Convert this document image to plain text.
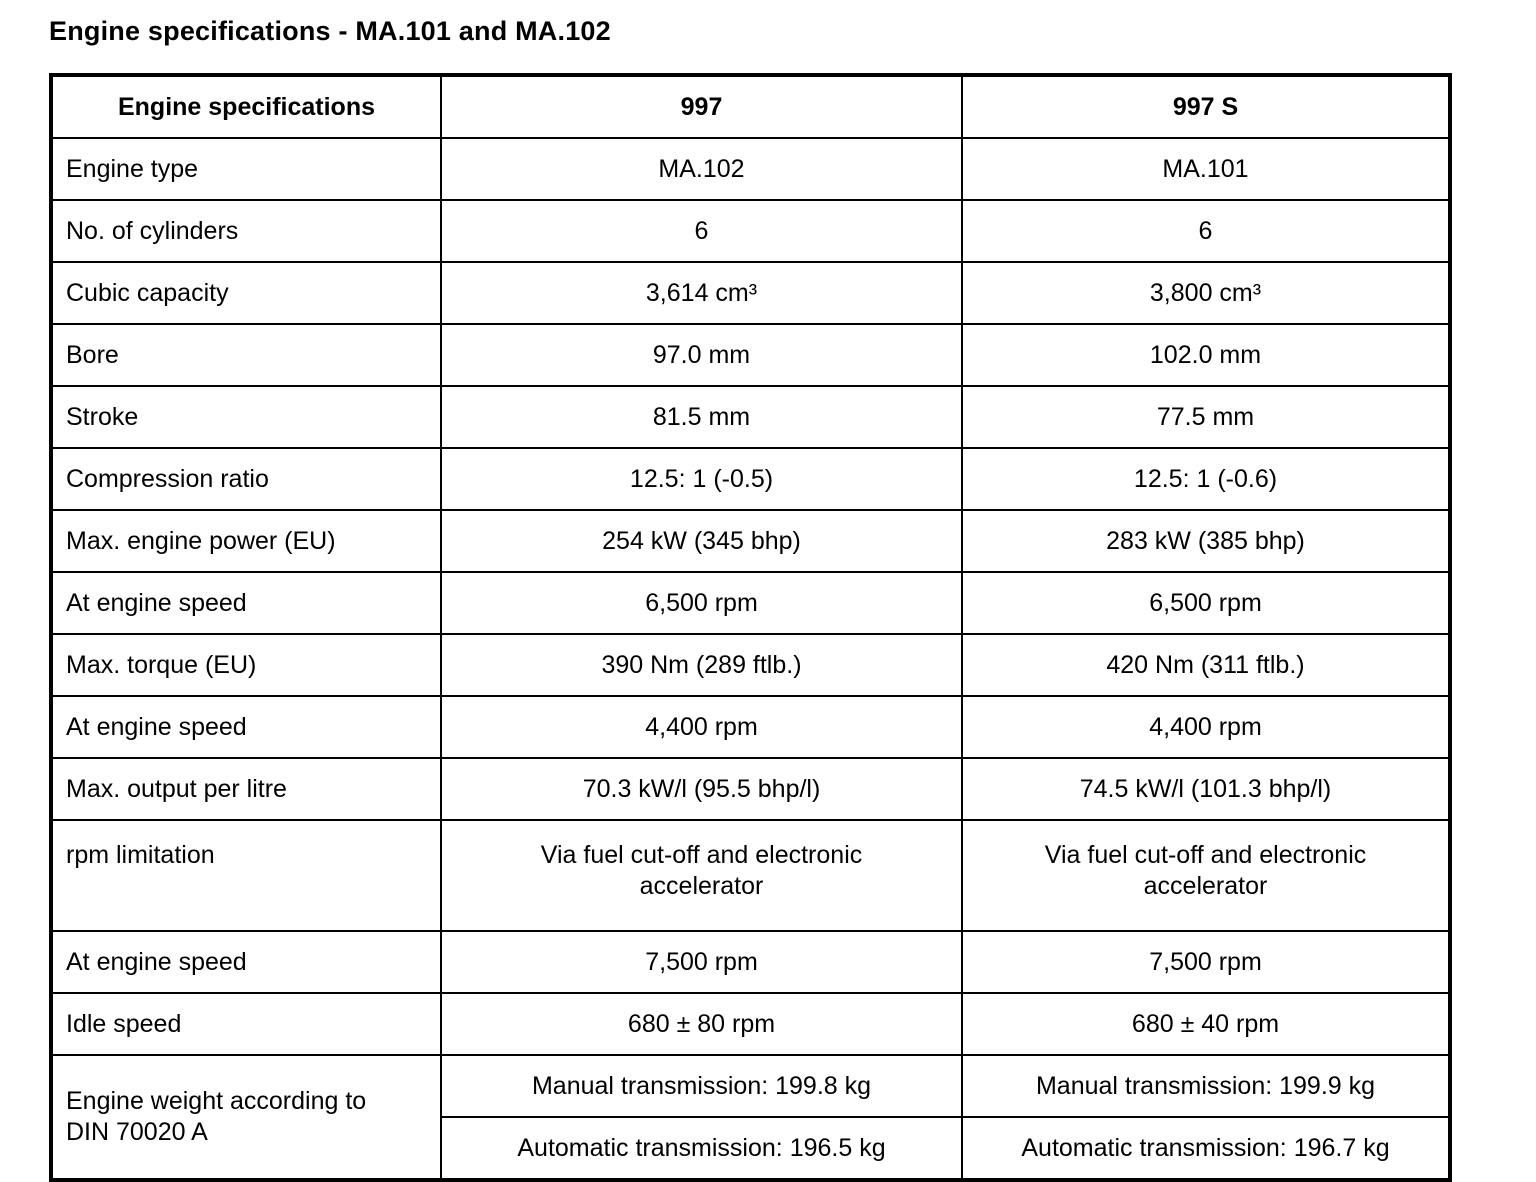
Engine specifications - MA.101 and MA.102
Engine specifications	997	997 S
Engine type	MA.102	MA.101
No. of cylinders	6	6
Cubic capacity	3,614 cm³	3,800 cm³
Bore	97.0 mm	102.0 mm
Stroke	81.5 mm	77.5 mm
Compression ratio	12.5: 1 (-0.5)	12.5: 1 (-0.6)
Max. engine power (EU)	254 kW (345 bhp)	283 kW (385 bhp)
At engine speed	6,500 rpm	6,500 rpm
Max. torque (EU)	390 Nm (289 ftlb.)	420 Nm (311 ftlb.)
At engine speed	4,400 rpm	4,400 rpm
Max. output per litre	70.3 kW/l (95.5 bhp/l)	74.5 kW/l (101.3 bhp/l)
rpm limitation	Via fuel cut-off and electronic accelerator	Via fuel cut-off and electronic accelerator
At engine speed	7,500 rpm	7,500 rpm
Idle speed	680 ± 80 rpm	680 ± 40 rpm
Engine weight according to DIN 70020 A	Manual transmission: 199.8 kg	Manual transmission: 199.9 kg
	Automatic transmission: 196.5 kg	Automatic transmission: 196.7 kg
